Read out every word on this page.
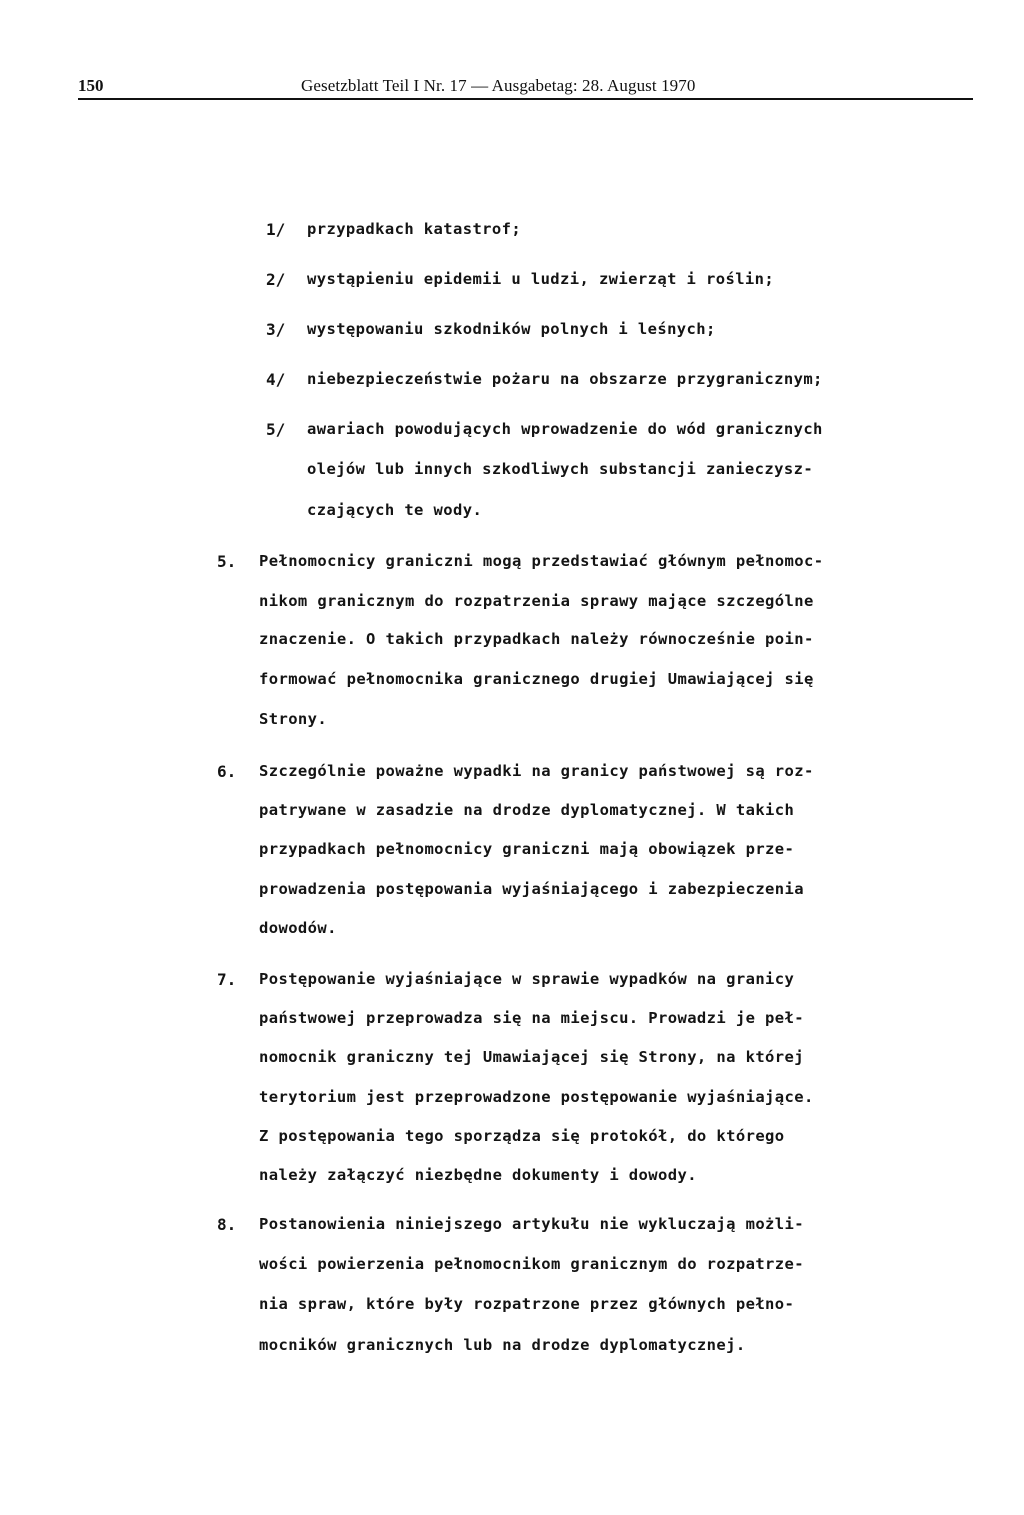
150	Gesetzblatt Teil I Nr. 17 — Ausgabetag: 28. August 1970
1/ przypadkach katastrof;
2/ wystąpieniu epidemii u ludzi, zwierząt i roślin;
3/ występowaniu szkodników polnych i leśnych;
4/ niebezpieczeństwie pożaru na obszarze przygranicznym;
5/ awariach powodujących wprowadzenie do wód granicznych
olejów lub innych szkodliwych substancji zanieczysz-
czających te wody.
5. Pełnomocnicy graniczni mogą przedstawiać głównym pełnomoc-
nikom granicznym do rozpatrzenia sprawy mające szczególne
znaczenie. O takich przypadkach należy równocześnie poin-
formować pełnomocnika granicznego drugiej Umawiającej się
Strony.
6. Szczególnie poważne wypadki na granicy państwowej są roz-
patrywane w zasadzie na drodze dyplomatycznej. W takich
przypadkach pełnomocnicy graniczni mają obowiązek prze-
prowadzenia postępowania wyjaśniającego i zabezpieczenia
dowodów.
7. Postępowanie wyjaśniające w sprawie wypadków na granicy
państwowej przeprowadza się na miejscu. Prowadzi je peł-
nomocnik graniczny tej Umawiającej się Strony, na której
terytorium jest przeprowadzone postępowanie wyjaśniające.
Z postępowania tego sporządza się protokół, do którego
należy załączyć niezbędne dokumenty i dowody.
8. Postanowienia niniejszego artykułu nie wykluczają możli-
wości powierzenia pełnomocnikom granicznym do rozpatrze-
nia spraw, które były rozpatrzone przez głównych pełno-
mocników granicznych lub na drodze dyplomatycznej.
